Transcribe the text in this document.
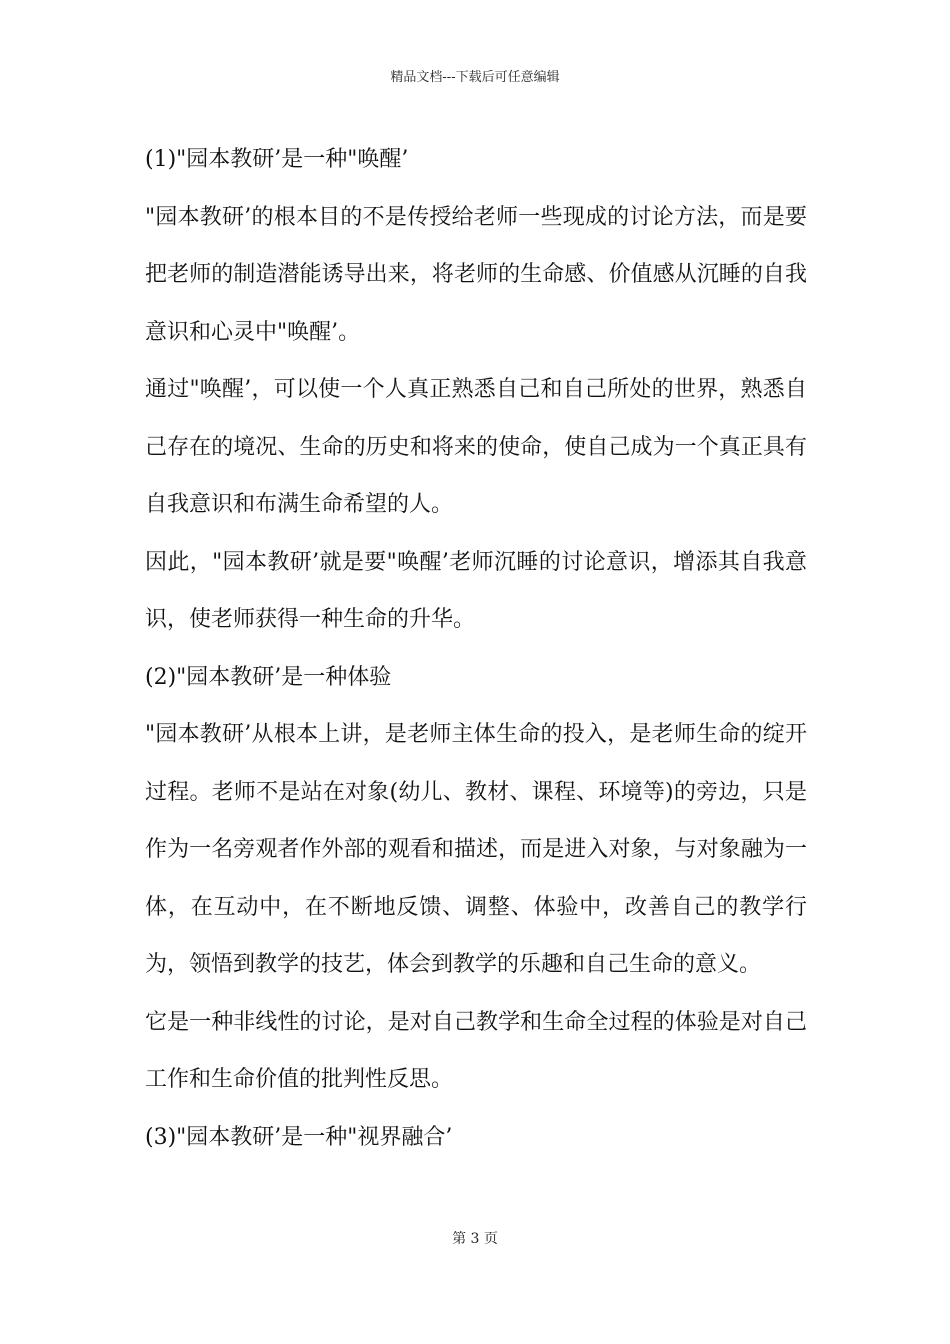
精品文档---下载后可任意编辑

(1)"园本教研’是一种"唤醒’

"园本教研’的根本目的不是传授给老师一些现成的讨论方法，而是要把老师的制造潜能诱导出来，将老师的生命感、价值感从沉睡的自我意识和心灵中"唤醒’。

通过"唤醒’，可以使一个人真正熟悉自己和自己所处的世界，熟悉自己存在的境况、生命的历史和将来的使命，使自己成为一个真正具有自我意识和布满生命希望的人。

因此，"园本教研’就是要"唤醒’老师沉睡的讨论意识，增添其自我意识，使老师获得一种生命的升华。

(2)"园本教研’是一种体验

"园本教研’从根本上讲，是老师主体生命的投入，是老师生命的绽开过程。老师不是站在对象(幼儿、教材、课程、环境等)的旁边，只是作为一名旁观者作外部的观看和描述，而是进入对象，与对象融为一体，在互动中，在不断地反馈、调整、体验中，改善自己的教学行为，领悟到教学的技艺，体会到教学的乐趣和自己生命的意义。

它是一种非线性的讨论，是对自己教学和生命全过程的体验是对自己工作和生命价值的批判性反思。

(3)"园本教研’是一种"视界融合’

第 3 页
